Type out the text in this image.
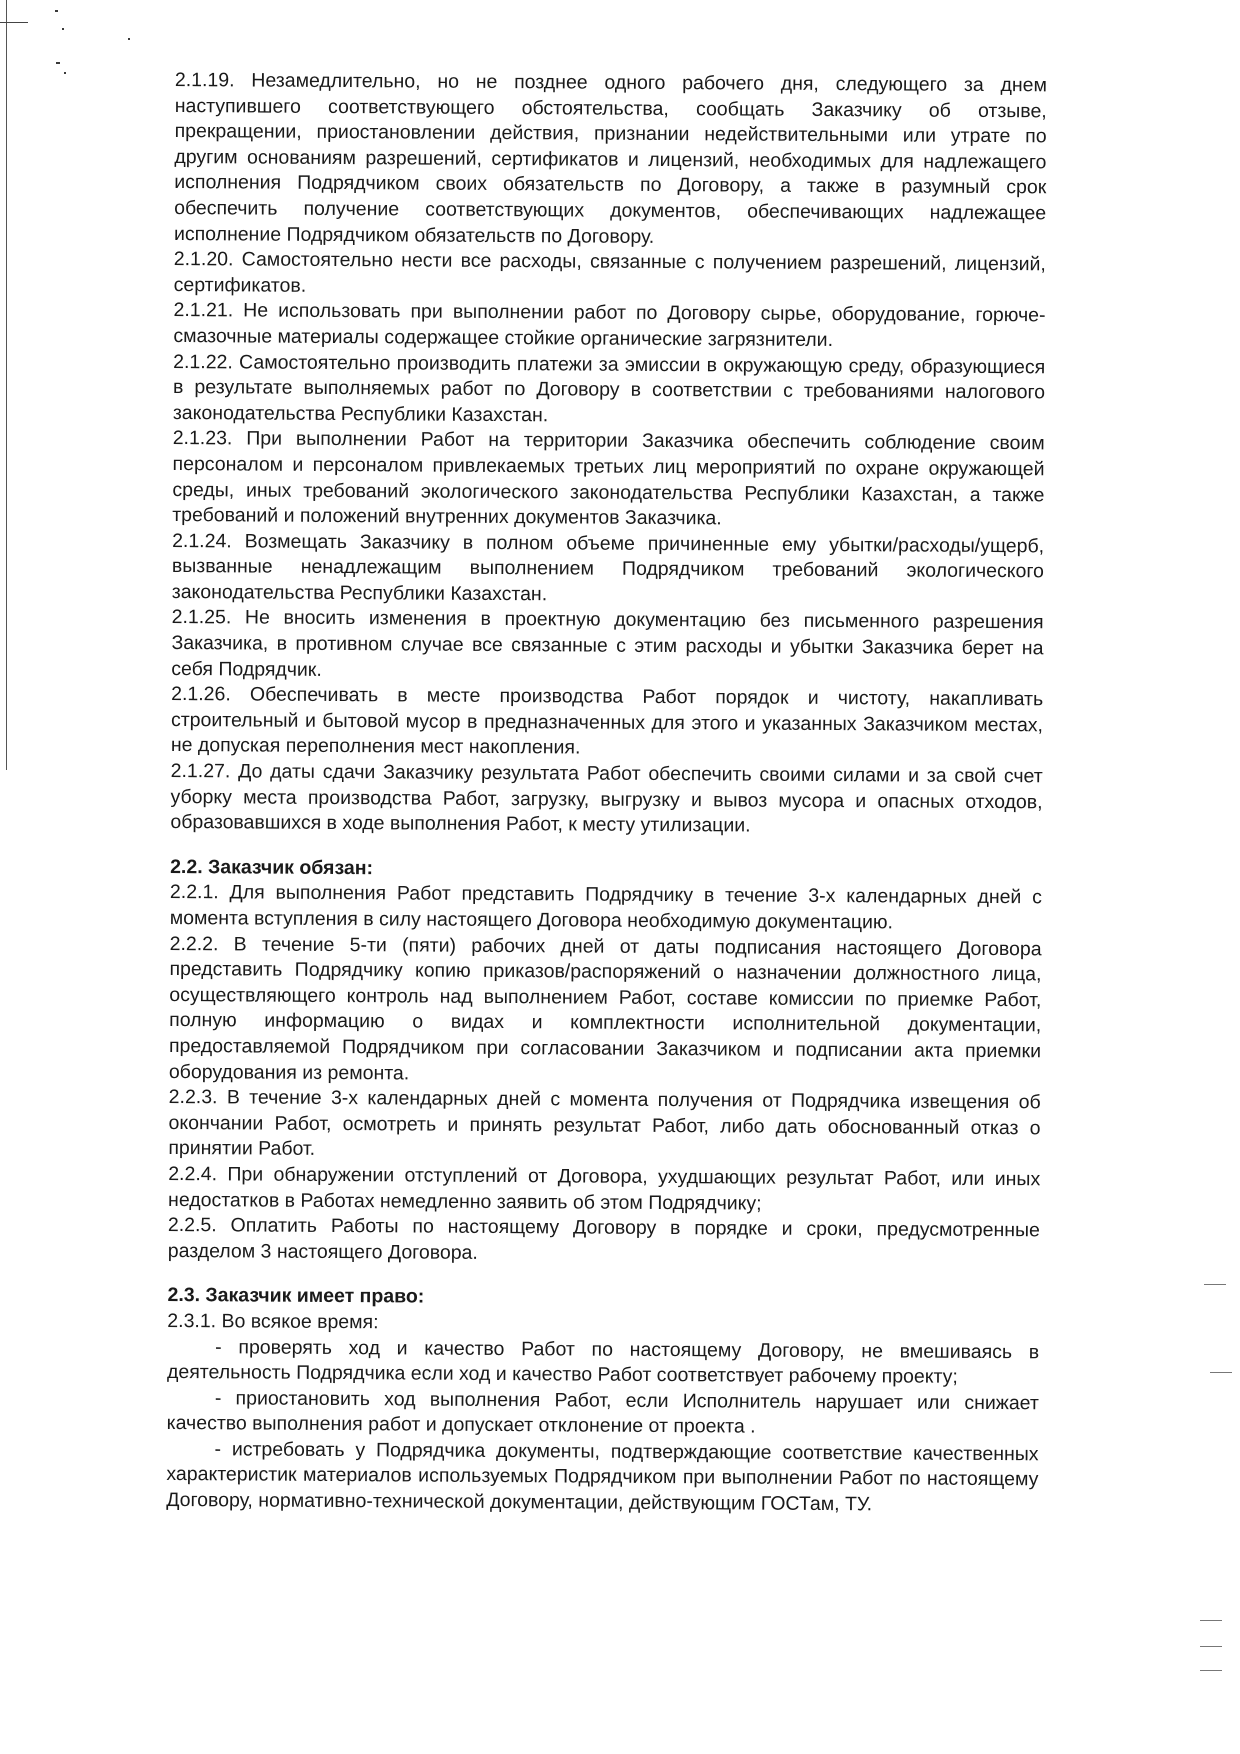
2.1.19. Незамедлительно, но не позднее одного рабочего дня, следующего за днем наступившего соответствующего обстоятельства, сообщать Заказчику об отзыве, прекращении, приостановлении действия, признании недействительными или утрате по другим основаниям разрешений, сертификатов и лицензий, необходимых для надлежащего исполнения Подрядчиком своих обязательств по Договору, а также в разумный срок обеспечить получение соответствующих документов, обеспечивающих надлежащее исполнение Подрядчиком обязательств по Договору.

2.1.20. Самостоятельно нести все расходы, связанные с получением разрешений, лицензий, сертификатов.

2.1.21. Не использовать при выполнении работ по Договору сырье, оборудование, горюче-смазочные материалы содержащее стойкие органические загрязнители.

2.1.22. Самостоятельно производить платежи за эмиссии в окружающую среду, образующиеся в результате выполняемых работ по Договору в соответствии с требованиями налогового законодательства Республики Казахстан.

2.1.23. При выполнении Работ на территории Заказчика обеспечить соблюдение своим персоналом и персоналом привлекаемых третьих лиц мероприятий по охране окружающей среды, иных требований экологического законодательства Республики Казахстан, а также требований и положений внутренних документов Заказчика.

2.1.24. Возмещать Заказчику в полном объеме причиненные ему убытки/расходы/ущерб, вызванные ненадлежащим выполнением Подрядчиком требований экологического законодательства Республики Казахстан.

2.1.25. Не вносить изменения в проектную документацию без письменного разрешения Заказчика, в противном случае все связанные с этим расходы и убытки Заказчика берет на себя Подрядчик.

2.1.26. Обеспечивать в месте производства Работ порядок и чистоту, накапливать строительный и бытовой мусор в предназначенных для этого и указанных Заказчиком местах, не допуская переполнения мест накопления.

2.1.27. До даты сдачи Заказчику результата Работ обеспечить своими силами и за свой счет уборку места производства Работ, загрузку, выгрузку и вывоз мусора и опасных отходов, образовавшихся в ходе выполнения Работ, к месту утилизации.

2.2. Заказчик обязан:

2.2.1. Для выполнения Работ представить Подрядчику в течение 3-х календарных дней с момента вступления в силу настоящего Договора необходимую документацию.

2.2.2. В течение 5-ти (пяти) рабочих дней от даты подписания настоящего Договора представить Подрядчику копию приказов/распоряжений о назначении должностного лица, осуществляющего контроль над выполнением Работ, составе комиссии по приемке Работ, полную информацию о видах и комплектности исполнительной документации, предоставляемой Подрядчиком при согласовании Заказчиком и подписании акта приемки оборудования из ремонта.

2.2.3. В течение 3-х календарных дней с момента получения от Подрядчика извещения об окончании Работ, осмотреть и принять результат Работ, либо дать обоснованный отказ о принятии Работ.

2.2.4. При обнаружении отступлений от Договора, ухудшающих результат Работ, или иных недостатков в Работах немедленно заявить об этом Подрядчику;

2.2.5. Оплатить Работы по настоящему Договору в порядке и сроки, предусмотренные разделом 3 настоящего Договора.

2.3. Заказчик имеет право:

2.3.1. Во всякое время:

- проверять ход и качество Работ по настоящему Договору, не вмешиваясь в деятельность Подрядчика если ход и качество Работ соответствует рабочему проекту;

- приостановить ход выполнения Работ, если Исполнитель нарушает или снижает качество выполнения работ и допускает отклонение от проекта .

- истребовать у Подрядчика документы, подтверждающие соответствие качественных характеристик материалов используемых Подрядчиком при выполнении Работ по настоящему Договору, нормативно-технической документации, действующим ГОСТам, ТУ.
